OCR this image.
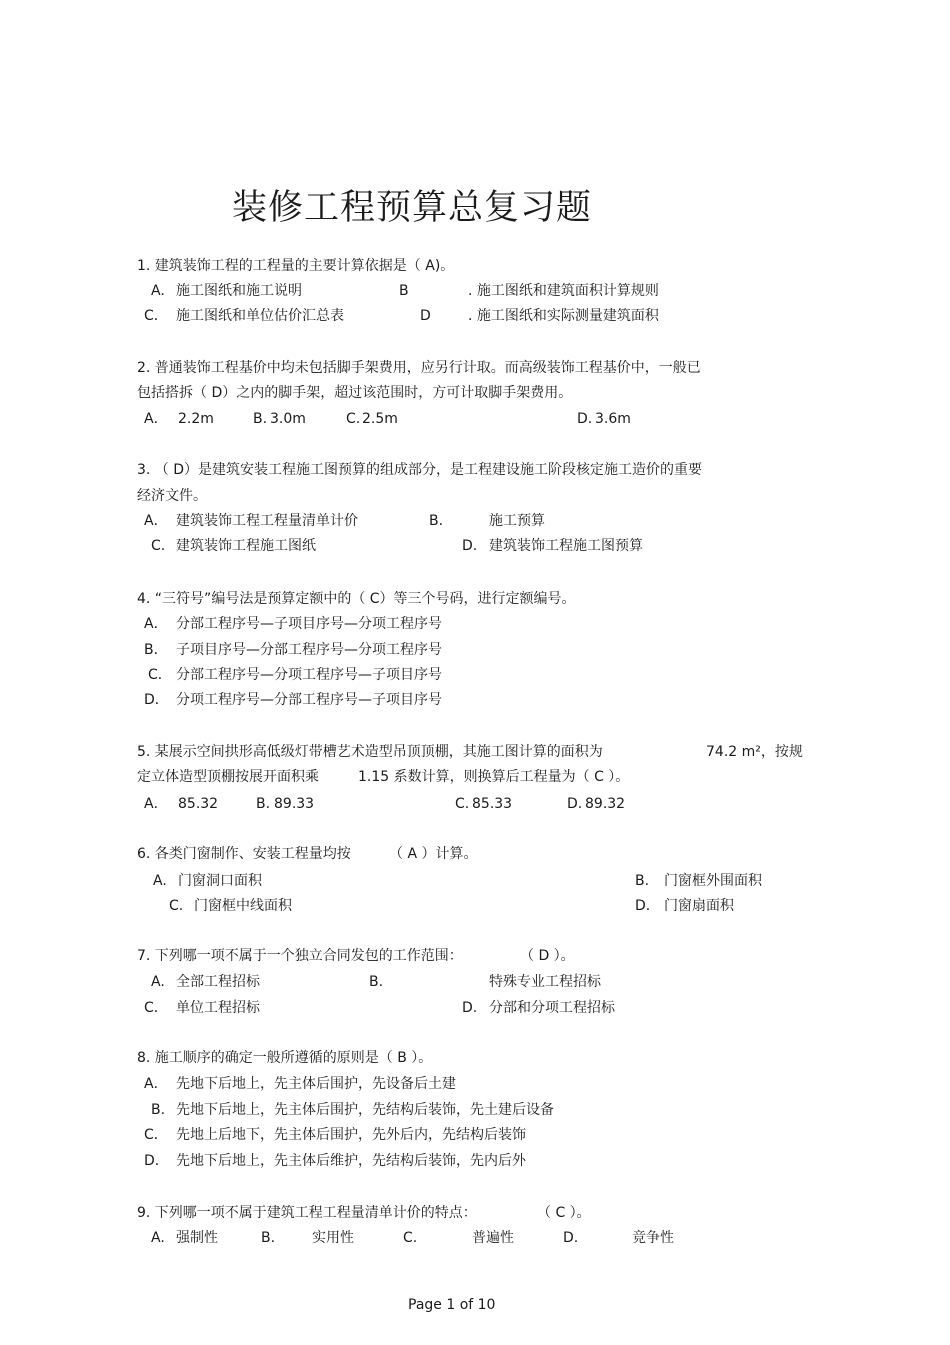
装修工程预算总复习题
1. 建筑装饰工程的工程量的主要计算依据是（ A)。
A. 施工图纸和施工说明	B	. 施工图纸和建筑面积计算规则
C． 施工图纸和单位估价汇总表	D	. 施工图纸和实际测量建筑面积
2. 普通装饰工程基价中均未包括脚手架费用，应另行计取。而高级装饰工程基价中，一般已
包括搭拆（ D）之内的脚手架，超过该范围时，方可计取脚手架费用。
A． 2.2m	B. 3.0m	C. 2.5m	D. 3.6m
3. （ D）是建筑安装工程施工图预算的组成部分，是工程建设施工阶段核定施工造价的重要
经济文件。
A． 建筑装饰工程工程量清单计价	B.	施工预算
C. 建筑装饰工程施工图纸	D. 建筑装饰工程施工图预算
4. “三符号”编号法是预算定额中的（ C）等三个号码，进行定额编号。
A． 分部工程序号—子项目序号—分项工程序号
B． 子项目序号—分部工程序号—分项工程序号
C． 分部工程序号—分项工程序号—子项目序号
D． 分项工程序号—分部工程序号—子项目序号
5. 某展示空间拱形高低级灯带槽艺术造型吊顶顶棚，其施工图计算的面积为	74.2 m²，按规
定立体造型顶棚按展开面积乘	1.15 系数计算，则换算后工程量为（ C ）。
A． 85.32	B. 89.33	C. 85.33	D. 89.32
6. 各类门窗制作、安装工程量均按	（ A ）计算。
A. 门窗洞口面积	B. 门窗框外围面积
C. 门窗框中线面积	D. 门窗扇面积
7. 下列哪一项不属于一个独立合同发包的工作范围：	（ D ）。
A. 全部工程招标	B.	特殊专业工程招标
C． 单位工程招标	D. 分部和分项工程招标
8. 施工顺序的确定一般所遵循的原则是（ B ）。
A． 先地下后地上，先主体后围护，先设备后土建
B. 先地下后地上，先主体后围护，先结构后装饰，先土建后设备
C． 先地上后地下，先主体后围护，先外后内，先结构后装饰
D． 先地下后地上，先主体后维护，先结构后装饰，先内后外
9. 下列哪一项不属于建筑工程工程量清单计价的特点：	（ C ）。
A. 强制性	B.	实用性	C.	普遍性	D.	竞争性
Page 1 of 10
